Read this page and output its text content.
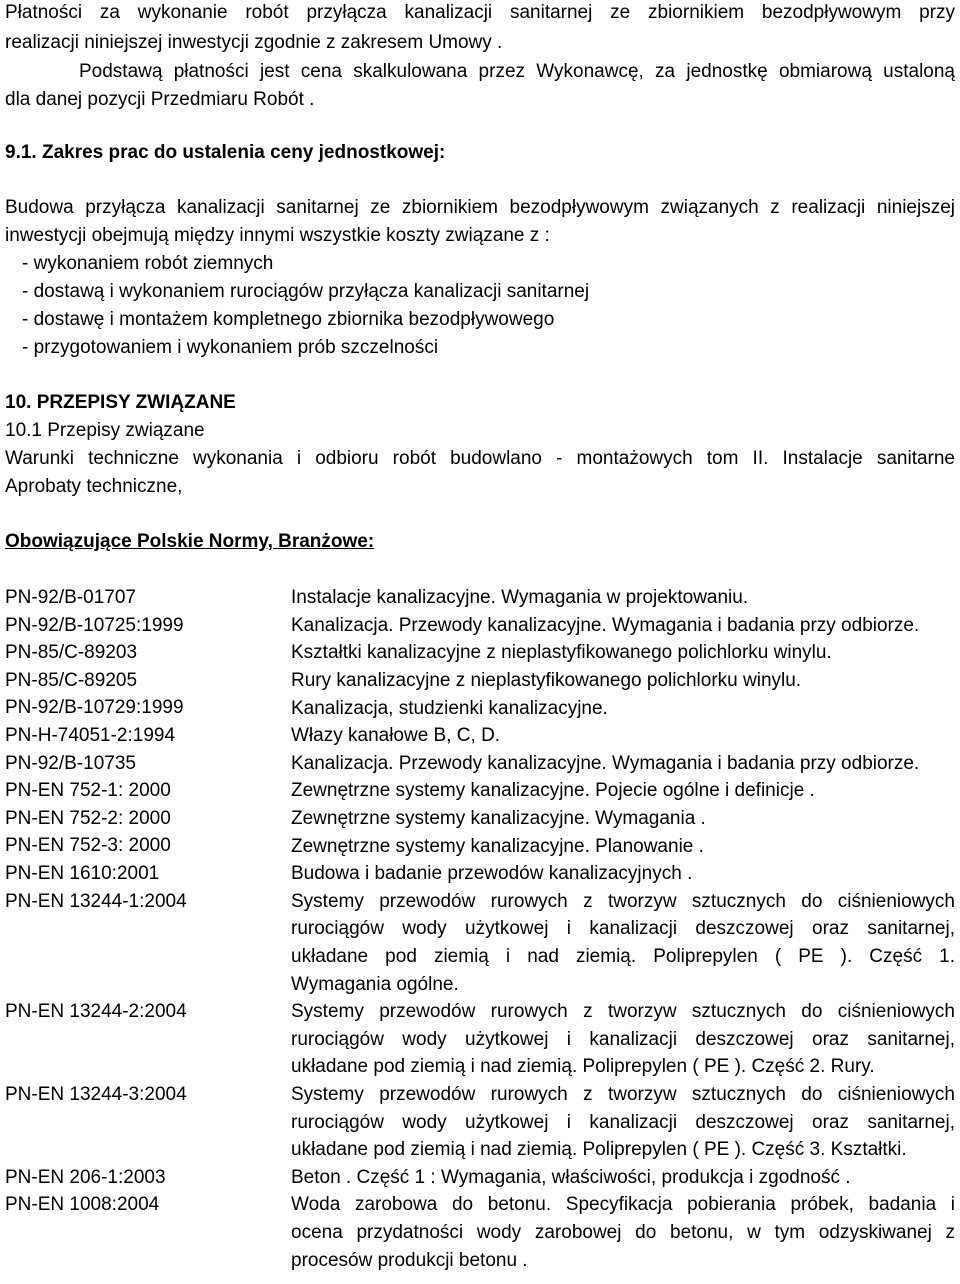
Płatności za wykonanie robót przyłącza kanalizacji sanitarnej ze zbiornikiem bezodpływowym przy
realizacji niniejszej inwestycji zgodnie z zakresem Umowy .
Podstawą płatności jest cena skalkulowana przez Wykonawcę, za jednostkę obmiarową ustaloną
dla danej pozycji Przedmiaru Robót .
9.1. Zakres prac do ustalenia ceny jednostkowej:
Budowa przyłącza kanalizacji sanitarnej ze zbiornikiem bezodpływowym związanych z realizacji niniejszej
inwestycji obejmują między innymi wszystkie koszty związane z :
- wykonaniem robót ziemnych
- dostawą i wykonaniem rurociągów przyłącza kanalizacji sanitarnej
- dostawę i montażem kompletnego zbiornika bezodpływowego
- przygotowaniem i wykonaniem prób szczelności
10. PRZEPISY ZWIĄZANE
10.1 Przepisy związane
Warunki techniczne wykonania i odbioru robót budowlano - montażowych tom II. Instalacje sanitarne
Aprobaty techniczne,
Obowiązujące Polskie Normy, Branżowe:
PN-92/B-01707	Instalacje kanalizacyjne. Wymagania w projektowaniu.
PN-92/B-10725:1999	Kanalizacja. Przewody kanalizacyjne. Wymagania i badania przy odbiorze.
PN-85/C-89203	Kształtki kanalizacyjne z nieplastyfikowanego polichlorku winylu.
PN-85/C-89205	Rury kanalizacyjne z nieplastyfikowanego polichlorku winylu.
PN-92/B-10729:1999	Kanalizacja, studzienki kanalizacyjne.
PN-H-74051-2:1994	Włazy kanałowe B, C, D.
PN-92/B-10735	Kanalizacja. Przewody kanalizacyjne. Wymagania i badania przy odbiorze.
PN-EN 752-1: 2000	Zewnętrzne systemy kanalizacyjne. Pojecie ogólne i definicje .
PN-EN 752-2: 2000	Zewnętrzne systemy kanalizacyjne. Wymagania .
PN-EN 752-3: 2000	Zewnętrzne systemy kanalizacyjne. Planowanie .
PN-EN 1610:2001	Budowa i badanie przewodów kanalizacyjnych .
PN-EN 13244-1:2004	Systemy przewodów rurowych z tworzyw sztucznych do ciśnieniowych
rurociągów wody użytkowej i kanalizacji deszczowej oraz sanitarnej,
układane pod ziemią i nad ziemią. Poliprepylen ( PE ). Część 1.
Wymagania ogólne.
PN-EN 13244-2:2004	Systemy przewodów rurowych z tworzyw sztucznych do ciśnieniowych
rurociągów wody użytkowej i kanalizacji deszczowej oraz sanitarnej,
układane pod ziemią i nad ziemią. Poliprepylen ( PE ). Część 2. Rury.
PN-EN 13244-3:2004	Systemy przewodów rurowych z tworzyw sztucznych do ciśnieniowych
rurociągów wody użytkowej i kanalizacji deszczowej oraz sanitarnej,
układane pod ziemią i nad ziemią. Poliprepylen ( PE ). Część 3. Kształtki.
PN-EN 206-1:2003	Beton . Część 1 : Wymagania, właściwości, produkcja i zgodność .
PN-EN 1008:2004	Woda zarobowa do betonu. Specyfikacja pobierania próbek, badania i
ocena przydatności wody zarobowej do betonu, w tym odzyskiwanej z
procesów produkcji betonu .
